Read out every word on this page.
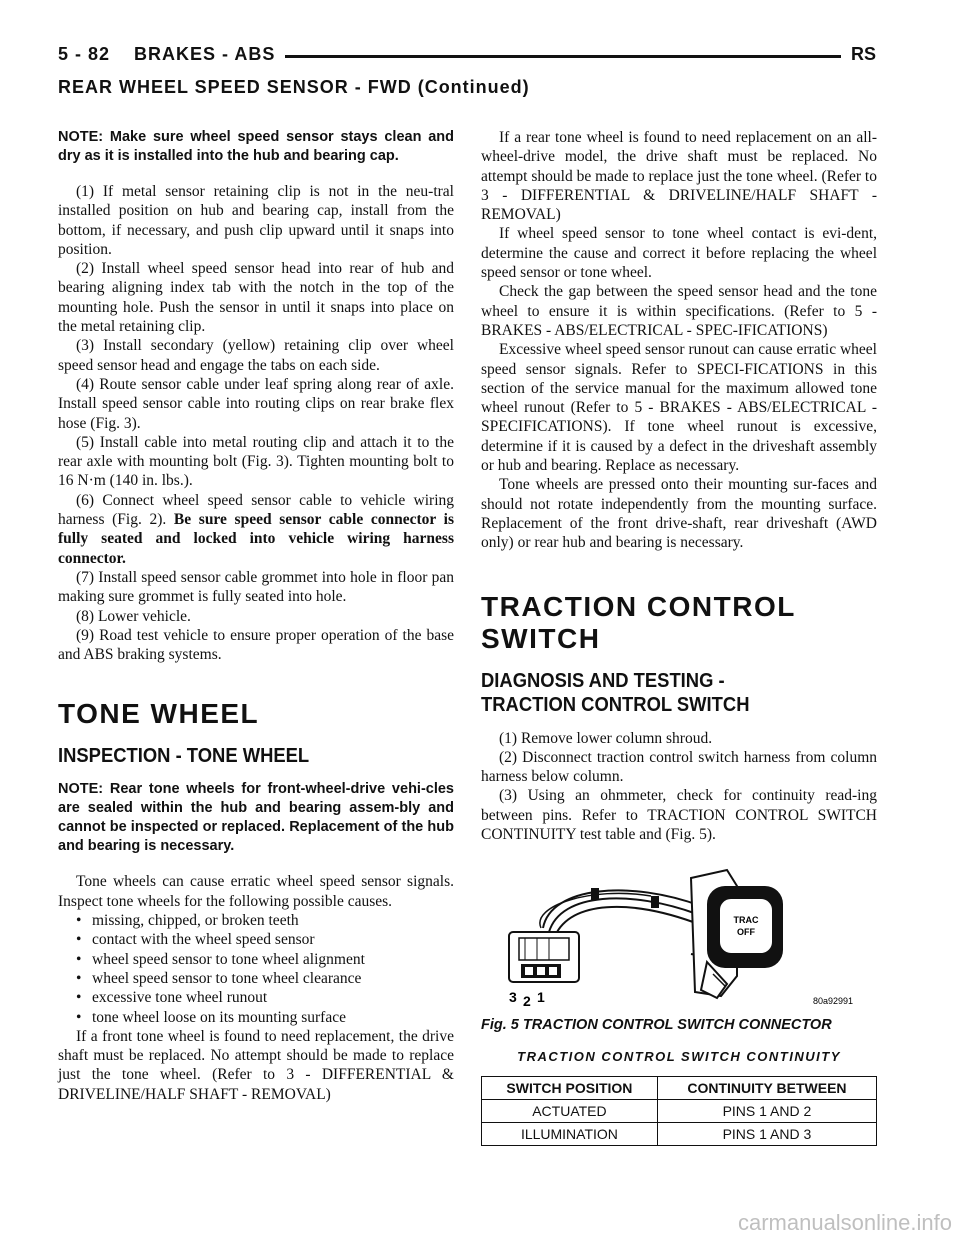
5 - 82    BRAKES - ABS	RS
REAR WHEEL SPEED SENSOR - FWD (Continued)

NOTE: Make sure wheel speed sensor stays clean and dry as it is installed into the hub and bearing cap.

(1) If metal sensor retaining clip is not in the neu-tral installed position on hub and bearing cap, install from the bottom, if necessary, and push clip upward until it snaps into position.

(2) Install wheel speed sensor head into rear of hub and bearing aligning index tab with the notch in the top of the mounting hole. Push the sensor in until it snaps into place on the metal retaining clip.

(3) Install secondary (yellow) retaining clip over wheel speed sensor head and engage the tabs on each side.

(4) Route sensor cable under leaf spring along rear of axle. Install speed sensor cable into routing clips on rear brake flex hose (Fig. 3).

(5) Install cable into metal routing clip and attach it to the rear axle with mounting bolt (Fig. 3). Tighten mounting bolt to 16 N·m (140 in. lbs.).

(6) Connect wheel speed sensor cable to vehicle wiring harness (Fig. 2). Be sure speed sensor cable connector is fully seated and locked into vehicle wiring harness connector.

(7) Install speed sensor cable grommet into hole in floor pan making sure grommet is fully seated into hole.

(8) Lower vehicle.

(9) Road test vehicle to ensure proper operation of the base and ABS braking systems.

TONE WHEEL
INSPECTION - TONE WHEEL

NOTE: Rear tone wheels for front-wheel-drive vehi-cles are sealed within the hub and bearing assem-bly and cannot be inspected or replaced. Replacement of the hub and bearing is necessary.

Tone wheels can cause erratic wheel speed sensor signals. Inspect tone wheels for the following possible causes.

• missing, chipped, or broken teeth
• contact with the wheel speed sensor
• wheel speed sensor to tone wheel alignment
• wheel speed sensor to tone wheel clearance
• excessive tone wheel runout
• tone wheel loose on its mounting surface

If a front tone wheel is found to need replacement, the drive shaft must be replaced. No attempt should be made to replace just the tone wheel. (Refer to 3 - DIFFERENTIAL & DRIVELINE/HALF SHAFT - REMOVAL)

If a rear tone wheel is found to need replacement on an all-wheel-drive model, the drive shaft must be replaced. No attempt should be made to replace just the tone wheel. (Refer to 3 - DIFFERENTIAL & DRIVELINE/HALF SHAFT - REMOVAL)

If wheel speed sensor to tone wheel contact is evi-dent, determine the cause and correct it before replacing the wheel speed sensor or tone wheel.

Check the gap between the speed sensor head and the tone wheel to ensure it is within specifications. (Refer to 5 - BRAKES - ABS/ELECTRICAL - SPEC-IFICATIONS)

Excessive wheel speed sensor runout can cause erratic wheel speed sensor signals. Refer to SPECI-FICATIONS in this section of the service manual for the maximum allowed tone wheel runout (Refer to 5 - BRAKES - ABS/ELECTRICAL - SPECIFICATIONS). If tone wheel runout is excessive, determine if it is caused by a defect in the driveshaft assembly or hub and bearing. Replace as necessary.

Tone wheels are pressed onto their mounting sur-faces and should not rotate independently from the mounting surface. Replacement of the front drive-shaft, rear driveshaft (AWD only) or rear hub and bearing is necessary.

TRACTION CONTROL SWITCH
DIAGNOSIS AND TESTING - TRACTION CONTROL SWITCH

(1) Remove lower column shroud.

(2) Disconnect traction control switch harness from column harness below column.

(3) Using an ohmmeter, check for continuity read-ing between pins. Refer to TRACTION CONTROL SWITCH CONTINUITY test table and (Fig. 5).

TRAC
OFF
3 2 1	80a92991
Fig. 5 TRACTION CONTROL SWITCH CONNECTOR
TRACTION CONTROL SWITCH CONTINUITY
SWITCH POSITION	CONTINUITY BETWEEN
ACTUATED	PINS 1 AND 2
ILLUMINATION	PINS 1 AND 3
carmanualsonline.info
